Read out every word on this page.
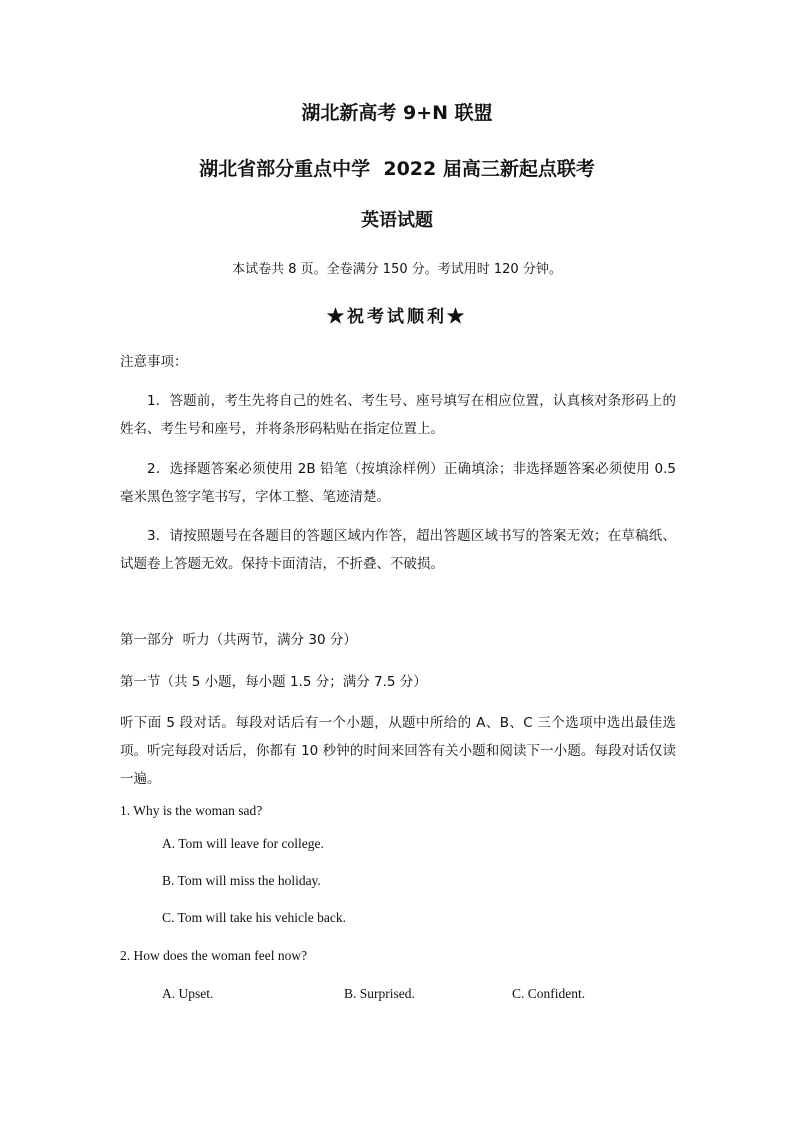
湖北新高考 9+N 联盟
湖北省部分重点中学  2022 届高三新起点联考
英语试题
本试卷共 8 页。全卷满分 150 分。考试用时 120 分钟。
★祝考试顺利★
注意事项：
1．答题前，考生先将自己的姓名、考生号、座号填写在相应位置，认真核对条形码上的姓名、考生号和座号，并将条形码粘贴在指定位置上。
2．选择题答案必须使用 2B 铅笔（按填涂样例）正确填涂；非选择题答案必须使用 0.5 毫米黑色签字笔书写，字体工整、笔迹清楚。
3．请按照题号在各题目的答题区域内作答，超出答题区域书写的答案无效；在草稿纸、试题卷上答题无效。保持卡面清洁，不折叠、不破损。
第一部分  听力（共两节，满分 30 分）
第一节（共 5 小题，每小题 1.5 分；满分 7.5 分）
听下面 5 段对话。每段对话后有一个小题，从题中所给的 A、B、C 三个选项中选出最佳选项。听完每段对话后，你都有 10 秒钟的时间来回答有关小题和阅读下一小题。每段对话仅读一遍。
1. Why is the woman sad?
A. Tom will leave for college.
B. Tom will miss the holiday.
C. Tom will take his vehicle back.
2. How does the woman feel now?
A. Upset.	B. Surprised.	C. Confident.
